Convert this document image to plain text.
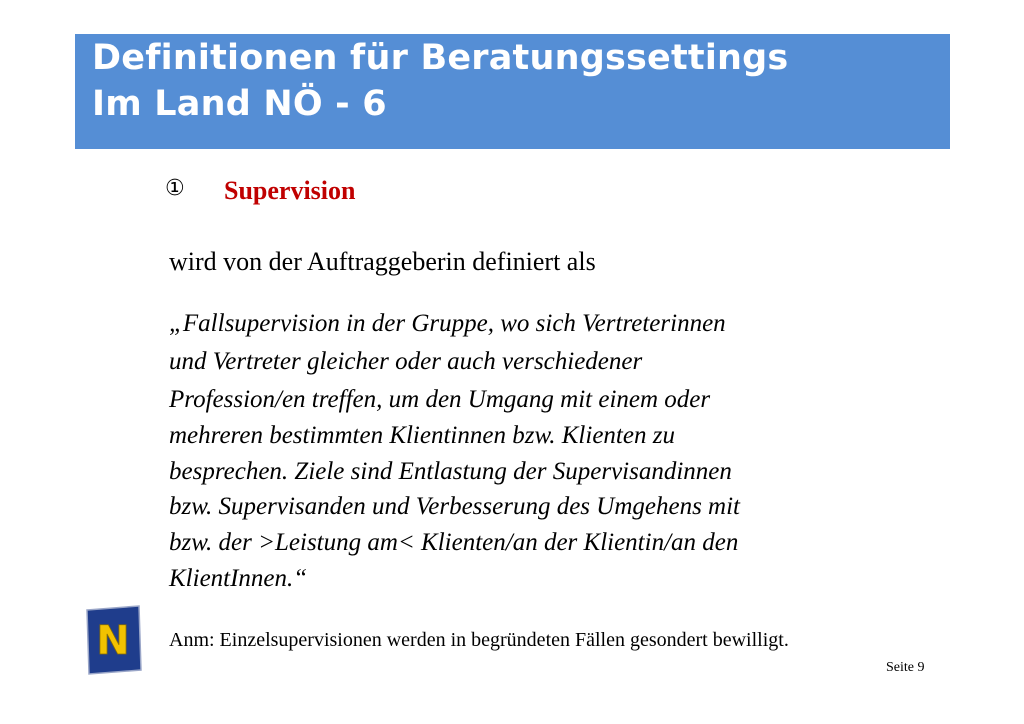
Definitionen für Beratungssettings
Im Land NÖ - 6
① Supervision
wird von der Auftraggeberin definiert als
„Fallsupervision in der Gruppe, wo sich Vertreterinnen
und Vertreter gleicher oder auch verschiedener
Profession/en treffen, um den Umgang mit einem oder
mehreren bestimmten Klientinnen bzw. Klienten zu
besprechen. Ziele sind Entlastung der Supervisandinnen
bzw. Supervisanden und Verbesserung des Umgehens mit
bzw. der >Leistung am< Klienten/an der Klientin/an den
KlientInnen.“
N Anm: Einzelsupervisionen werden in begründeten Fällen gesondert bewilligt.
Seite 9
